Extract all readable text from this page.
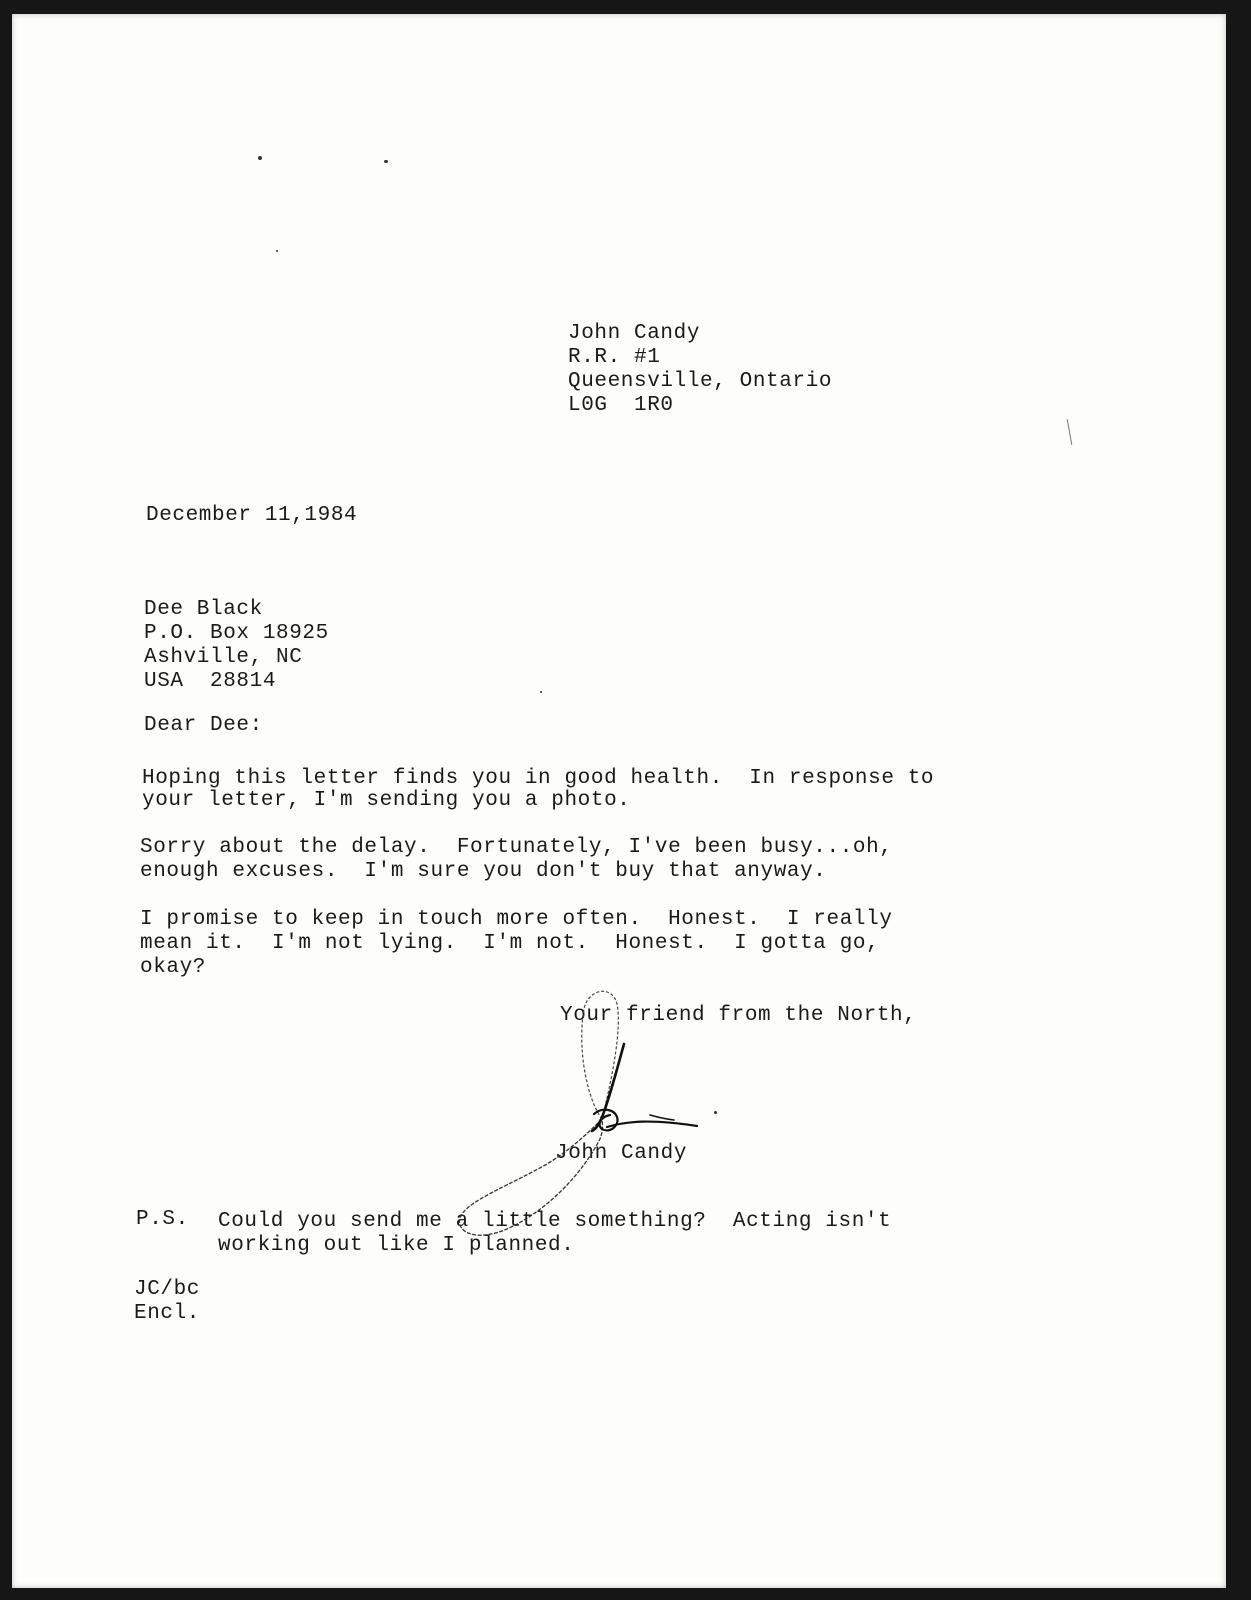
John Candy
R.R. #1
Queensville, Ontario
L0G  1R0
December 11,1984
Dee Black
P.O. Box 18925
Ashville, NC
USA  28814
Dear Dee:
Hoping this letter finds you in good health.  In response to
your letter, I'm sending you a photo.
Sorry about the delay.  Fortunately, I've been busy...oh,
enough excuses.  I'm sure you don't buy that anyway.
I promise to keep in touch more often.  Honest.  I really
mean it.  I'm not lying.  I'm not.  Honest.  I gotta go,
okay?
Your friend from the North,
John Candy
P.S. Could you send me a little something?  Acting isn't
working out like I planned.
JC/bc
Encl.
